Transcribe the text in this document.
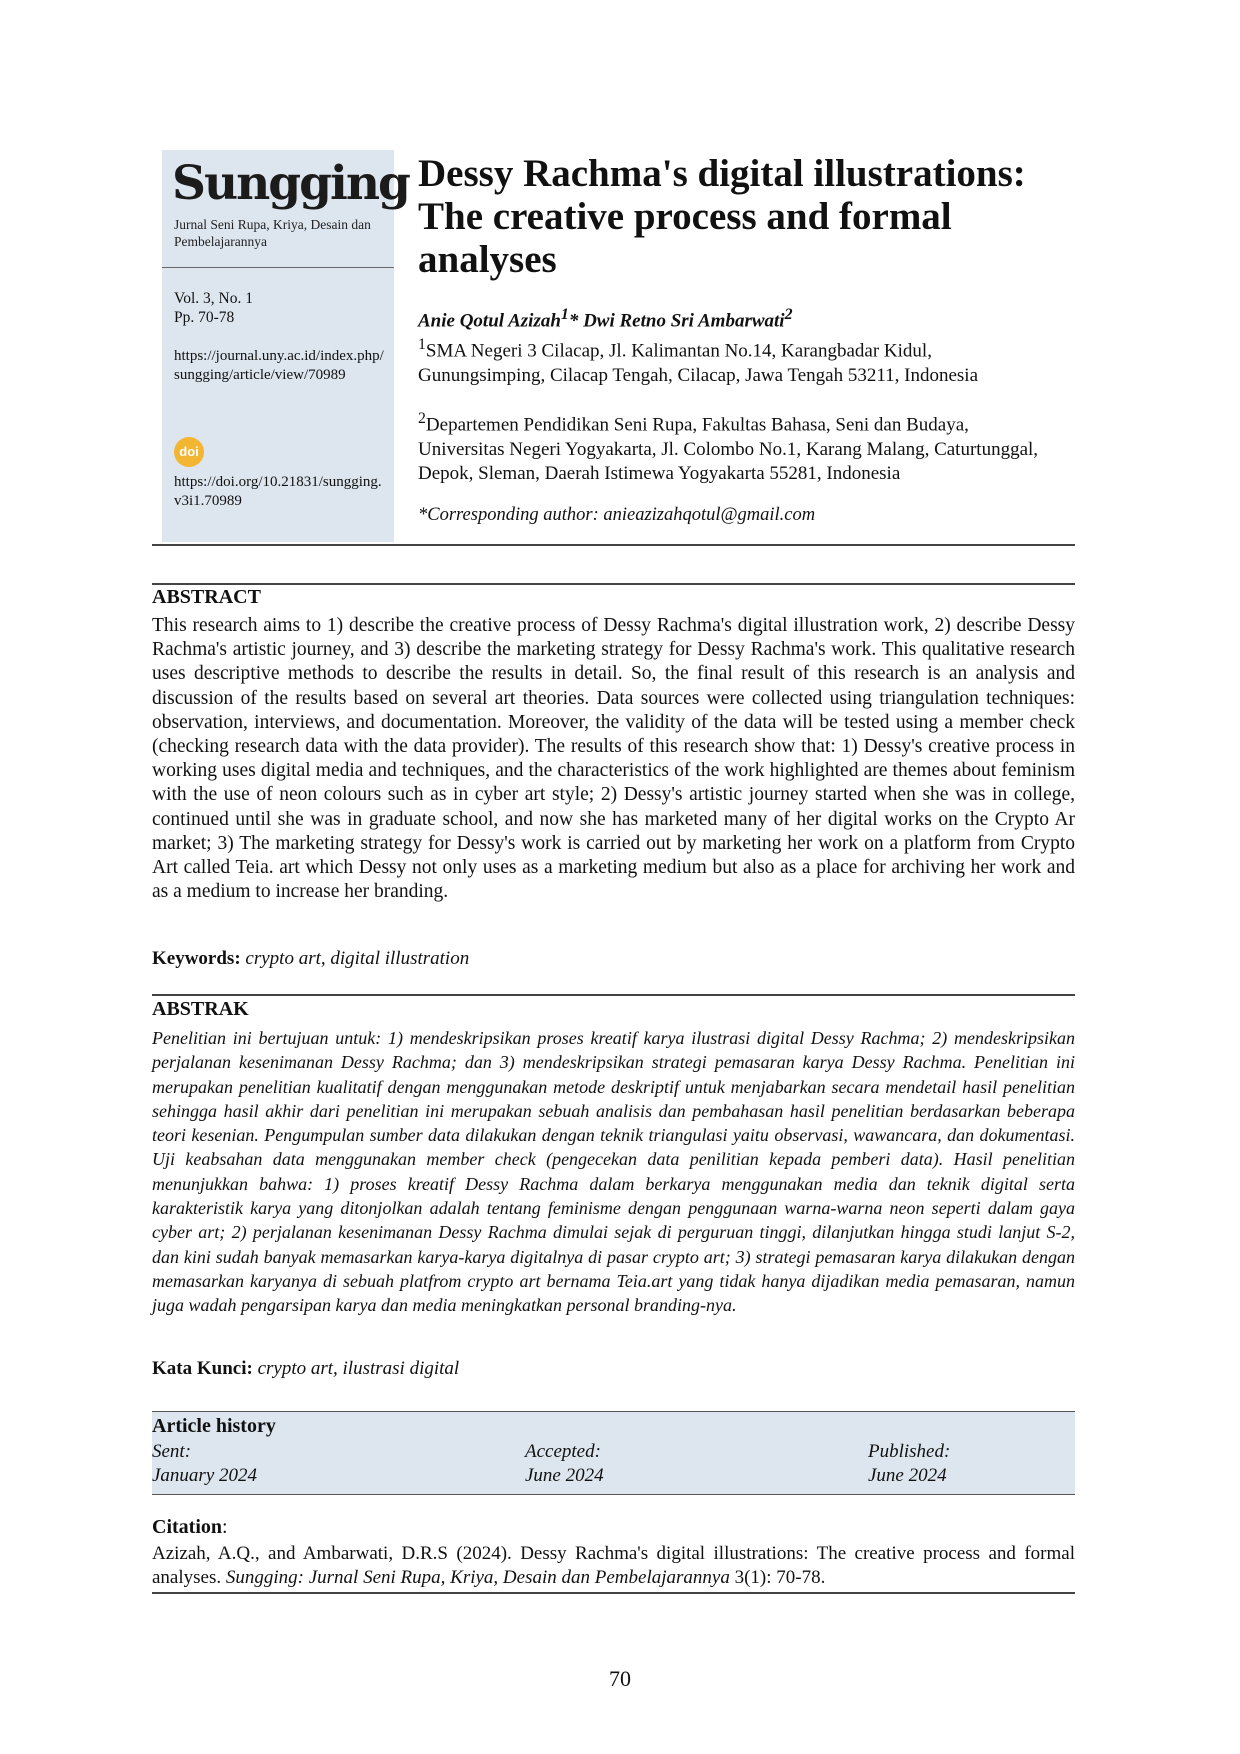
Sungging
Jurnal Seni Rupa, Kriya, Desain dan Pembelajarannya
Vol. 3, No. 1
Pp. 70-78
https://journal.uny.ac.id/index.php/sungging/article/view/70989
doi
https://doi.org/10.21831/sungging.v3i1.70989
Dessy Rachma's digital illustrations: The creative process and formal analyses
Anie Qotul Azizah$^1$* Dwi Retno Sri Ambarwati$^2$
$^1$SMA Negeri 3 Cilacap, Jl. Kalimantan No.14, Karangbadar Kidul, Gunungsimping, Cilacap Tengah, Cilacap, Jawa Tengah 53211, Indonesia
$^2$Departemen Pendidikan Seni Rupa, Fakultas Bahasa, Seni dan Budaya, Universitas Negeri Yogyakarta, Jl. Colombo No.1, Karang Malang, Caturtunggal, Depok, Sleman, Daerah Istimewa Yogyakarta 55281, Indonesia
*Corresponding author: anieazizahqotul@gmail.com
ABSTRACT
This research aims to 1) describe the creative process of Dessy Rachma's digital illustration work, 2) describe Dessy Rachma's artistic journey, and 3) describe the marketing strategy for Dessy Rachma's work. This qualitative research uses descriptive methods to describe the results in detail. So, the final result of this research is an analysis and discussion of the results based on several art theories. Data sources were collected using triangulation techniques: observation, interviews, and documentation. Moreover, the validity of the data will be tested using a member check (checking research data with the data provider). The results of this research show that: 1) Dessy's creative process in working uses digital media and techniques, and the characteristics of the work highlighted are themes about feminism with the use of neon colours such as in cyber art style; 2) Dessy's artistic journey started when she was in college, continued until she was in graduate school, and now she has marketed many of her digital works on the Crypto Ar market; 3) The marketing strategy for Dessy's work is carried out by marketing her work on a platform from Crypto Art called Teia. art which Dessy not only uses as a marketing medium but also as a place for archiving her work and as a medium to increase her branding.
Keywords: crypto art, digital illustration
ABSTRAK
Penelitian ini bertujuan untuk: 1) mendeskripsikan proses kreatif karya ilustrasi digital Dessy Rachma; 2) mendeskripsikan perjalanan kesenimanan Dessy Rachma; dan 3) mendeskripsikan strategi pemasaran karya Dessy Rachma. Penelitian ini merupakan penelitian kualitatif dengan menggunakan metode deskriptif untuk menjabarkan secara mendetail hasil penelitian sehingga hasil akhir dari penelitian ini merupakan sebuah analisis dan pembahasan hasil penelitian berdasarkan beberapa teori kesenian. Pengumpulan sumber data dilakukan dengan teknik triangulasi yaitu observasi, wawancara, dan dokumentasi. Uji keabsahan data menggunakan member check (pengecekan data penilitian kepada pemberi data). Hasil penelitian menunjukkan bahwa: 1) proses kreatif Dessy Rachma dalam berkarya menggunakan media dan teknik digital serta karakteristik karya yang ditonjolkan adalah tentang feminisme dengan penggunaan warna-warna neon seperti dalam gaya cyber art; 2) perjalanan kesenimanan Dessy Rachma dimulai sejak di perguruan tinggi, dilanjutkan hingga studi lanjut S-2, dan kini sudah banyak memasarkan karya-karya digitalnya di pasar crypto art; 3) strategi pemasaran karya dilakukan dengan memasarkan karyanya di sebuah platfrom crypto art bernama Teia.art yang tidak hanya dijadikan media pemasaran, namun juga wadah pengarsipan karya dan media meningkatkan personal branding-nya.
Kata Kunci: crypto art, ilustrasi digital
Article history
Sent:
January 2024
Accepted:
June 2024
Published:
June 2024
Citation:
Azizah, A.Q., and Ambarwati, D.R.S (2024). Dessy Rachma's digital illustrations: The creative process and formal analyses. Sungging: Jurnal Seni Rupa, Kriya, Desain dan Pembelajarannya 3(1): 70-78.
70
